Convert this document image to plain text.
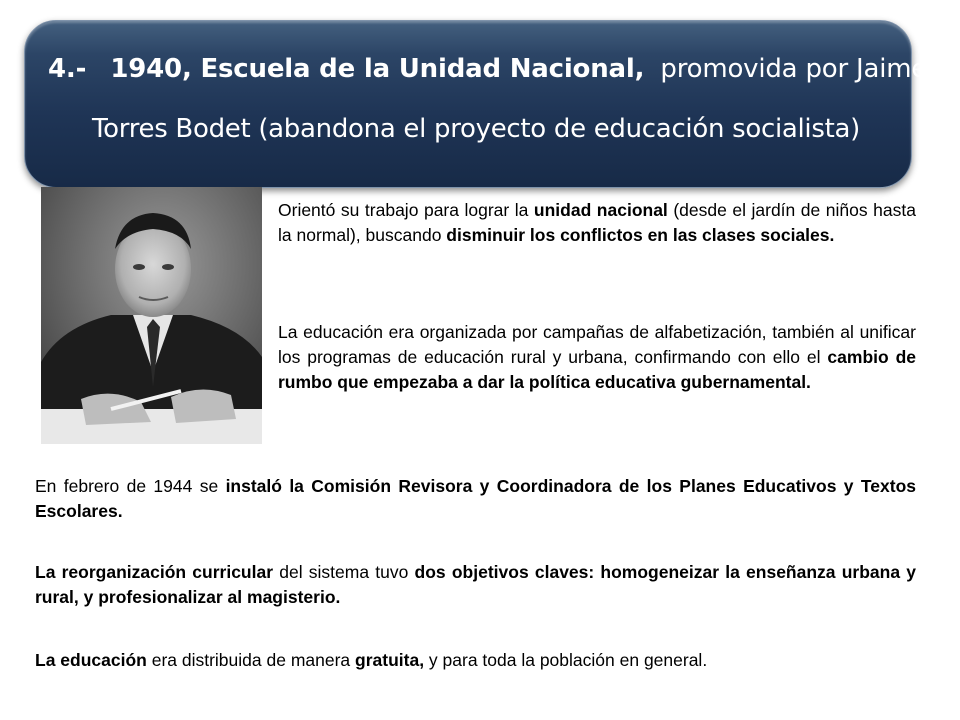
4.- 1940, Escuela de la Unidad Nacional, promovida por Jaime
Torres Bodet (abandona el proyecto de educación socialista)
Orientó su trabajo para lograr la unidad nacional (desde el jardín de niños hasta la normal), buscando disminuir los conflictos en las clases sociales.
La educación era organizada por campañas de alfabetización, también al unificar los programas de educación rural y urbana, confirmando con ello el cambio de rumbo que empezaba a dar la política educativa gubernamental.
En febrero de 1944 se instaló la Comisión Revisora y Coordinadora de los Planes Educativos y Textos Escolares.
La reorganización curricular del sistema tuvo dos objetivos claves: homogeneizar la enseñanza urbana y rural, y profesionalizar al magisterio.
La educación era distribuida de manera gratuita, y para toda la población en general.
